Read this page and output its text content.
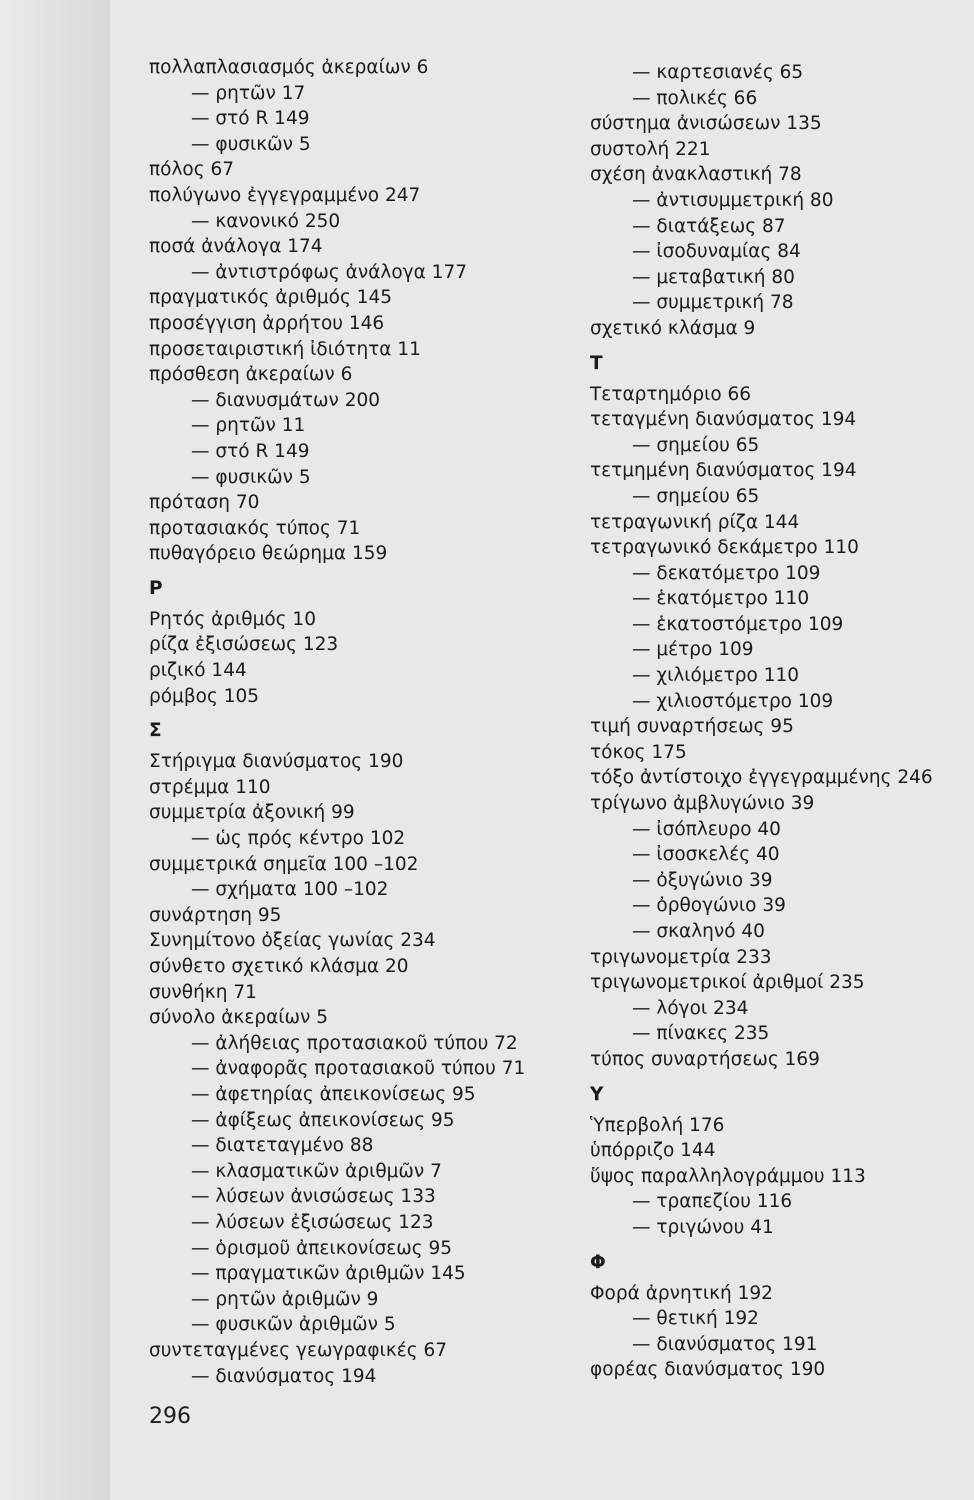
πολλαπλασιασμός ἀκεραίων 6
— ρητῶν 17
— στό R 149
— φυσικῶν 5
πόλος 67
πολύγωνο ἐγγεγραμμένο 247
— κανονικό 250
ποσά ἀνάλογα 174
— ἀντιστρόφως ἀνάλογα 177
πραγματικός ἀριθμός 145
προσέγγιση ἀρρήτου 146
προσεταιριστική ἰδιότητα 11
πρόσθεση ἀκεραίων 6
— διανυσμάτων 200
— ρητῶν 11
— στό R 149
— φυσικῶν 5
πρόταση 70
προτασιακός τύπος 71
πυθαγόρειο θεώρημα 159
Ρ
Ρητός ἀριθμός 10
ρίζα ἐξισώσεως 123
ριζικό 144
ρόμβος 105
Σ
Στήριγμα διανύσματος 190
στρέμμα 110
συμμετρία ἀξονική 99
— ὡς πρός κέντρο 102
συμμετρικά σημεῖα 100 –102
— σχήματα 100 –102
συνάρτηση 95
Συνημίτονο ὀξείας γωνίας 234
σύνθετο σχετικό κλάσμα 20
συνθήκη 71
σύνολο ἀκεραίων 5
— ἀλήθειας προτασιακοῦ τύπου 72
— ἀναφορᾶς προτασιακοῦ τύπου 71
— ἀφετηρίας ἀπεικονίσεως 95
— ἀφίξεως ἀπεικονίσεως 95
— διατεταγμένο 88
— κλασματικῶν ἀριθμῶν 7
— λύσεων ἀνισώσεως 133
— λύσεων ἐξισώσεως 123
— ὁρισμοῦ ἀπεικονίσεως 95
— πραγματικῶν ἀριθμῶν 145
— ρητῶν ἀριθμῶν 9
— φυσικῶν ἀριθμῶν 5
συντεταγμένες γεωγραφικές 67
— διανύσματος 194
— καρτεσιανές 65
— πολικές 66
σύστημα ἀνισώσεων 135
συστολή 221
σχέση ἀνακλαστική 78
— ἀντισυμμετρική 80
— διατάξεως 87
— ἰσοδυναμίας 84
— μεταβατική 80
— συμμετρική 78
σχετικό κλάσμα 9
Τ
Τεταρτημόριο 66
τεταγμένη διανύσματος 194
— σημείου 65
τετμημένη διανύσματος 194
— σημείου 65
τετραγωνική ρίζα 144
τετραγωνικό δεκάμετρο 110
— δεκατόμετρο 109
— ἑκατόμετρο 110
— ἑκατοστόμετρο 109
— μέτρο 109
— χιλιόμετρο 110
— χιλιοστόμετρο 109
τιμή συναρτήσεως 95
τόκος 175
τόξο ἀντίστοιχο ἐγγεγραμμένης 246
τρίγωνο ἀμβλυγώνιο 39
— ἰσόπλευρο 40
— ἰσοσκελές 40
— ὀξυγώνιο 39
— ὀρθογώνιο 39
— σκαληνό 40
τριγωνομετρία 233
τριγωνομετρικοί ἀριθμοί 235
— λόγοι 234
— πίνακες 235
τύπος συναρτήσεως 169
Υ
Ὑπερβολή 176
ὑπόρριζο 144
ὕψος παραλληλογράμμου 113
— τραπεζίου 116
— τριγώνου 41
Φ
Φορά ἀρνητική 192
— θετική 192
— διανύσματος 191
φορέας διανύσματος 190
296
